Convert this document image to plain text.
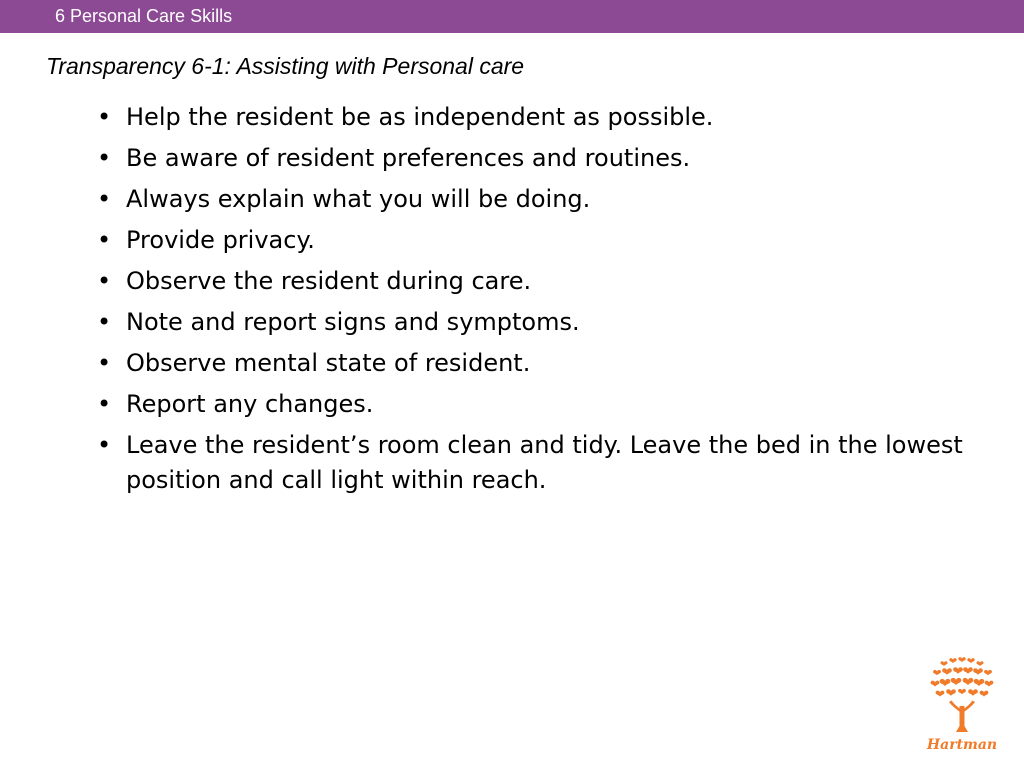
6 Personal Care Skills
Transparency 6-1: Assisting with Personal care
• Help the resident be as independent as possible.
• Be aware of resident preferences and routines.
• Always explain what you will be doing.
• Provide privacy.
• Observe the resident during care.
• Note and report signs and symptoms.
• Observe mental state of resident.
• Report any changes.
• Leave the resident’s room clean and tidy. Leave the bed in the lowest position and call light within reach.
Hartman
